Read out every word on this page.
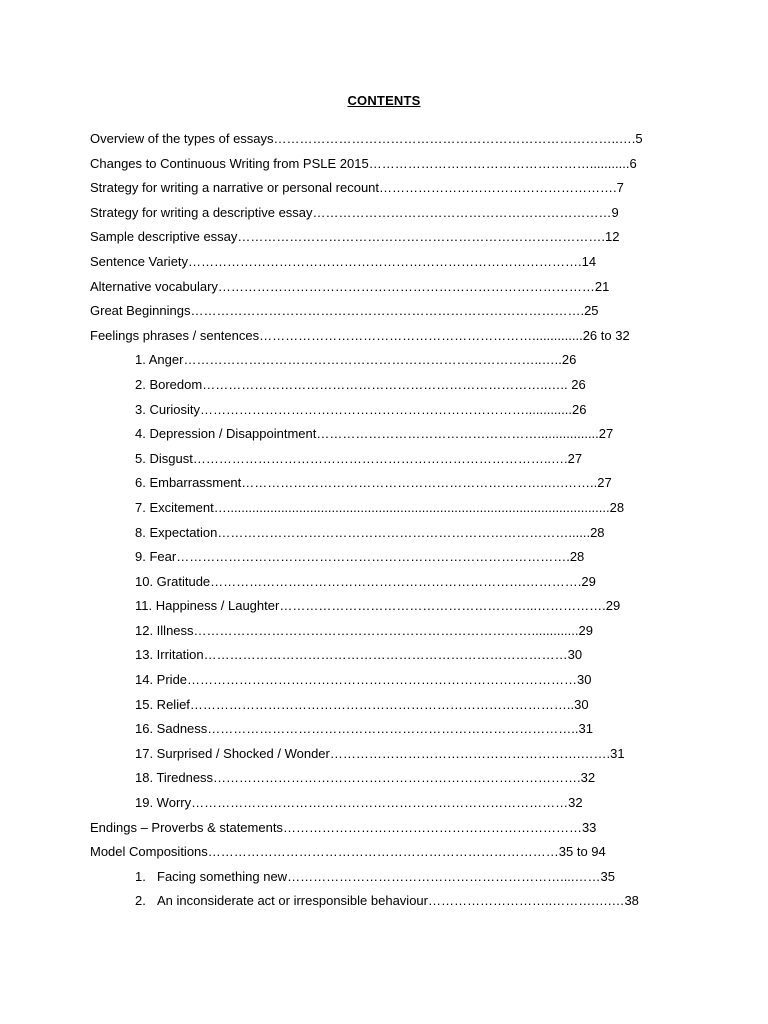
CONTENTS
Overview of the types of essays……………………………………………………………………..….5
Changes to Continuous Writing from PSLE 2015……………………………………………...........6
Strategy for writing a narrative or personal recount……………………………………………….7
Strategy for writing a descriptive essay……………………………………………………………9
Sample descriptive essay………………………………………………………………………….12
Sentence Variety……………………………………………………………………………….14
Alternative vocabulary……………………………………………………………………………21
Great Beginnings……………………………………………………………………………….25
Feelings phrases / sentences………………………………………………………..............26 to 32
1. Anger………………………………………………………………………..…..26
2. Boredom……………………………………………………………………..….. 26
3. Curiosity………………………………………………………………….............26
4. Depression / Disappointment…………………………………………….................27
5. Disgust………………………………………………………………………..….27
6. Embarrassment……………………………………………………………..….……..27
7. Excitement…..........................................................................................................28
8. Expectation………………………………………………………………………......28
9. Fear……………………………………………………………………………….28
10. Gratitude……………………………………………………………….………….29
11. Happiness / Laughter…………………………………………………...…………….29
12. Illness…………………………………………………………………….............29
13. Irritation…………………………………………………………………………30
14. Pride………………………………………………………………………………30
15. Relief……………………………………………………………………………..30
16. Sadness…………………………………………………………………………..31
17. Surprised / Shocked / Wonder………………………………………………….…….31
18. Tiredness………………………………………………………………………….32
19. Worry……………………………………………………………………………32
Endings – Proverbs & statements……………………………………………………………33
Model Compositions………………………………………………………………………35 to 94
1. Facing something new………………………………………………………....……35
2. An inconsiderate act or irresponsible behaviour………………………..……….….…38
